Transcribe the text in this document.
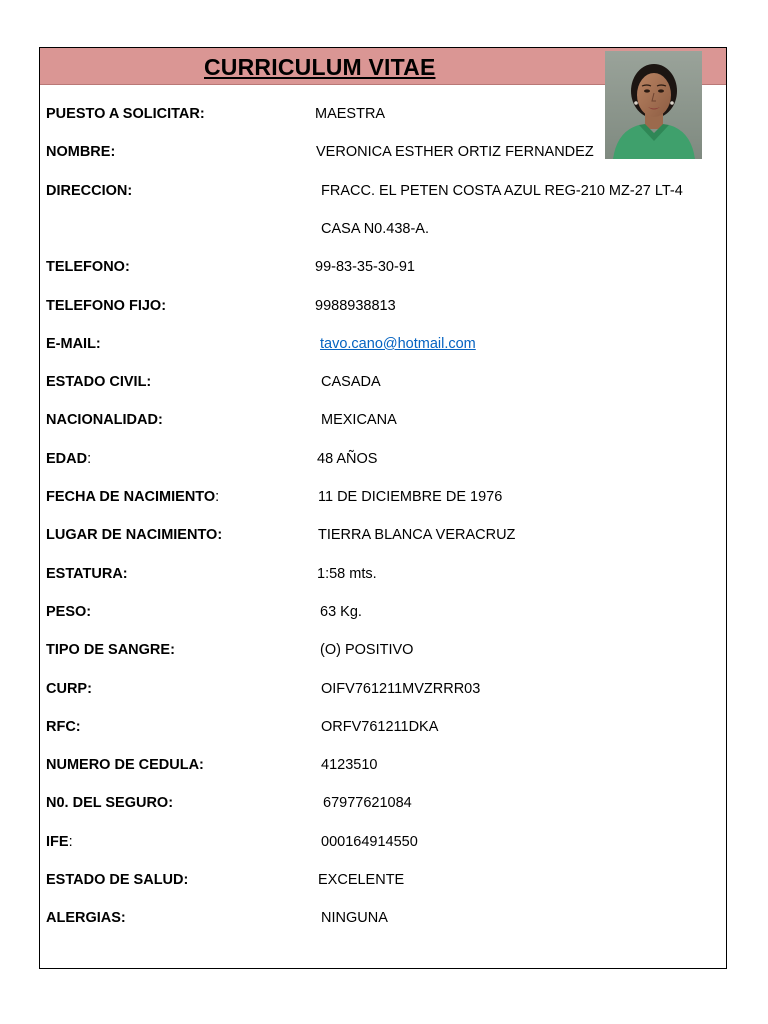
CURRICULUM VITAE
PUESTO A SOLICITAR:	MAESTRA
NOMBRE:	VERONICA ESTHER ORTIZ FERNANDEZ
DIRECCION:	FRACC. EL PETEN COSTA AZUL REG-210 MZ-27 LT-4
CASA N0.438-A.
TELEFONO:	99-83-35-30-91
TELEFONO FIJO:	9988938813
E-MAIL:	tavo.cano@hotmail.com
ESTADO CIVIL:	CASADA
NACIONALIDAD:	MEXICANA
EDAD:	48 AÑOS
FECHA DE NACIMIENTO:	11 DE DICIEMBRE DE 1976
LUGAR DE NACIMIENTO:	TIERRA BLANCA VERACRUZ
ESTATURA:	1:58 mts.
PESO:	63 Kg.
TIPO DE SANGRE:	(O) POSITIVO
CURP:	OIFV761211MVZRRR03
RFC:	ORFV761211DKA
NUMERO DE CEDULA:	4123510
N0. DEL SEGURO:	67977621084
IFE:	000164914550
ESTADO DE SALUD:	EXCELENTE
ALERGIAS:	NINGUNA
